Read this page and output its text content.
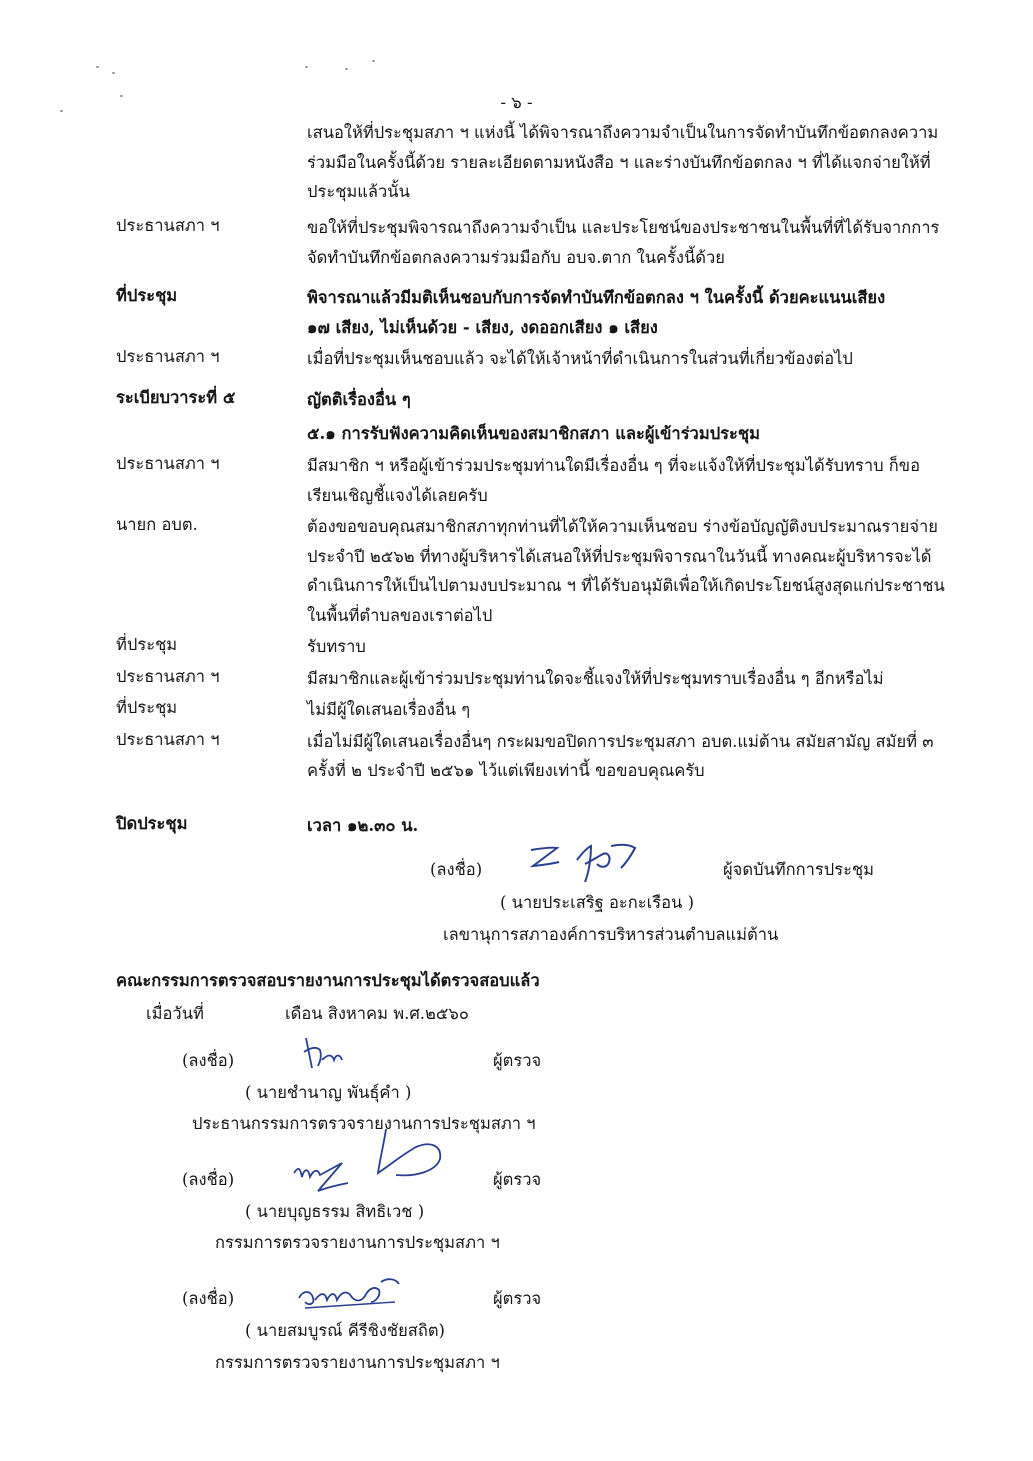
- ๖ -
เสนอให้ที่ประชุมสภา ฯ แห่งนี้ ได้พิจารณาถึงความจำเป็นในการจัดทำบันทึกข้อตกลงความ
ร่วมมือในครั้งนี้ด้วย รายละเอียดตามหนังสือ ฯ และร่างบันทึกข้อตกลง ฯ ที่ได้แจกจ่ายให้ที่
ประชุมแล้วนั้น
ประธานสภา ฯ	ขอให้ที่ประชุมพิจารณาถึงความจำเป็น และประโยชน์ของประชาชนในพื้นที่ที่ได้รับจากการ
จัดทำบันทึกข้อตกลงความร่วมมือกับ อบจ.ตาก ในครั้งนี้ด้วย
ที่ประชุม	พิจารณาแล้วมีมติเห็นชอบกับการจัดทำบันทึกข้อตกลง ฯ ในครั้งนี้ ด้วยคะแนนเสียง
๑๗ เสียง, ไม่เห็นด้วย - เสียง, งดออกเสียง ๑ เสียง
ประธานสภา ฯ	เมื่อที่ประชุมเห็นชอบแล้ว จะได้ให้เจ้าหน้าที่ดำเนินการในส่วนที่เกี่ยวข้องต่อไป
ระเบียบวาระที่ ๕	ญัตติเรื่องอื่น ๆ
๕.๑ การรับฟังความคิดเห็นของสมาชิกสภา และผู้เข้าร่วมประชุม
ประธานสภา ฯ	มีสมาชิก ฯ หรือผู้เข้าร่วมประชุมท่านใดมีเรื่องอื่น ๆ ที่จะแจ้งให้ที่ประชุมได้รับทราบ ก็ขอ
เรียนเชิญชี้แจงได้เลยครับ
นายก อบต.	ต้องขอขอบคุณสมาชิกสภาทุกท่านที่ได้ให้ความเห็นชอบ ร่างข้อบัญญัติงบประมาณรายจ่าย
ประจำปี ๒๕๖๒ ที่ทางผู้บริหารได้เสนอให้ที่ประชุมพิจารณาในวันนี้ ทางคณะผู้บริหารจะได้
ดำเนินการให้เป็นไปตามงบประมาณ ฯ ที่ได้รับอนุมัติเพื่อให้เกิดประโยชน์สูงสุดแก่ประชาชน
ในพื้นที่ตำบลของเราต่อไป
ที่ประชุม	รับทราบ
ประธานสภา ฯ	มีสมาชิกและผู้เข้าร่วมประชุมท่านใดจะชี้แจงให้ที่ประชุมทราบเรื่องอื่น ๆ อีกหรือไม่
ที่ประชุม	ไม่มีผู้ใดเสนอเรื่องอื่น ๆ
ประธานสภา ฯ	เมื่อไม่มีผู้ใดเสนอเรื่องอื่นๆ กระผมขอปิดการประชุมสภา อบต.แม่ต้าน สมัยสามัญ สมัยที่ ๓
ครั้งที่ ๒ ประจำปี ๒๕๖๑ ไว้แต่เพียงเท่านี้ ขอขอบคุณครับ
ปิดประชุม	เวลา ๑๒.๓๐ น.
(ลงชื่อ)	ผู้จดบันทึกการประชุม
( นายประเสริฐ อะกะเรือน )
เลขานุการสภาองค์การบริหารส่วนตำบลแม่ต้าน
คณะกรรมการตรวจสอบรายงานการประชุมได้ตรวจสอบแล้ว
เมื่อวันที่	เดือน สิงหาคม พ.ศ.๒๕๖๐
(ลงชื่อ)	ผู้ตรวจ
( นายชำนาญ พันธุ์คำ )
ประธานกรรมการตรวจรายงานการประชุมสภา ฯ
(ลงชื่อ)	ผู้ตรวจ
( นายบุญธรรม สิทธิเวช )
กรรมการตรวจรายงานการประชุมสภา ฯ
(ลงชื่อ)	ผู้ตรวจ
( นายสมบูรณ์ คีรีชิงชัยสถิต)
กรรมการตรวจรายงานการประชุมสภา ฯ
